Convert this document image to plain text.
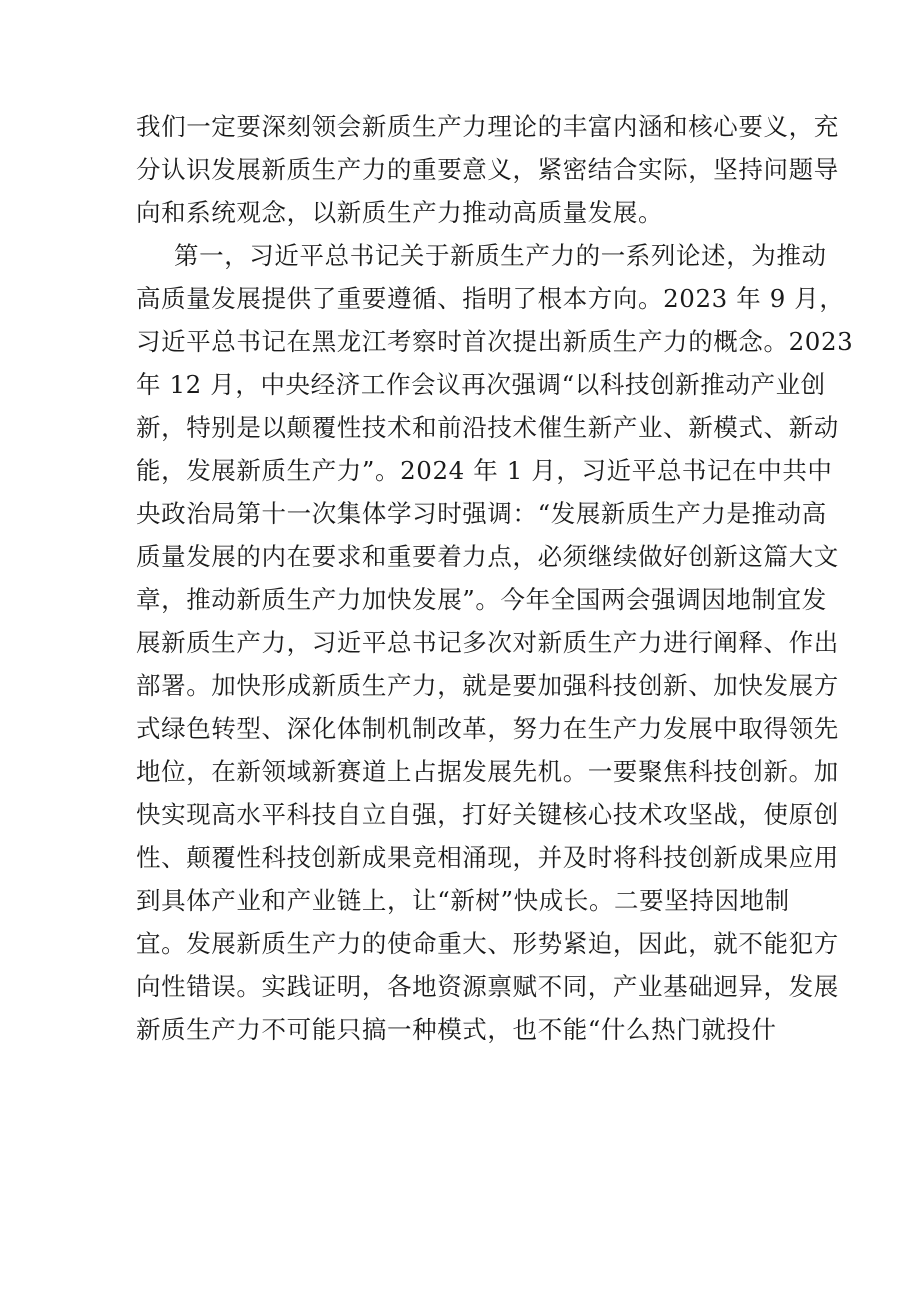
我们一定要深刻领会新质生产力理论的丰富内涵和核心要义，充
分认识发展新质生产力的重要意义，紧密结合实际，坚持问题导
向和系统观念，以新质生产力推动高质量发展。
第一，习近平总书记关于新质生产力的一系列论述，为推动
高质量发展提供了重要遵循、指明了根本方向。2023 年 9 月，
习近平总书记在黑龙江考察时首次提出新质生产力的概念。2023
年 12 月，中央经济工作会议再次强调“以科技创新推动产业创
新，特别是以颠覆性技术和前沿技术催生新产业、新模式、新动
能，发展新质生产力”。2024 年 1 月，习近平总书记在中共中
央政治局第十一次集体学习时强调：“发展新质生产力是推动高
质量发展的内在要求和重要着力点，必须继续做好创新这篇大文
章，推动新质生产力加快发展”。今年全国两会强调因地制宜发
展新质生产力，习近平总书记多次对新质生产力进行阐释、作出
部署。加快形成新质生产力，就是要加强科技创新、加快发展方
式绿色转型、深化体制机制改革，努力在生产力发展中取得领先
地位，在新领域新赛道上占据发展先机。一要聚焦科技创新。加
快实现高水平科技自立自强，打好关键核心技术攻坚战，使原创
性、颠覆性科技创新成果竞相涌现，并及时将科技创新成果应用
到具体产业和产业链上，让“新树”快成长。二要坚持因地制
宜。发展新质生产力的使命重大、形势紧迫，因此，就不能犯方
向性错误。实践证明，各地资源禀赋不同，产业基础迥异，发展
新质生产力不可能只搞一种模式，也不能“什么热门就投什
